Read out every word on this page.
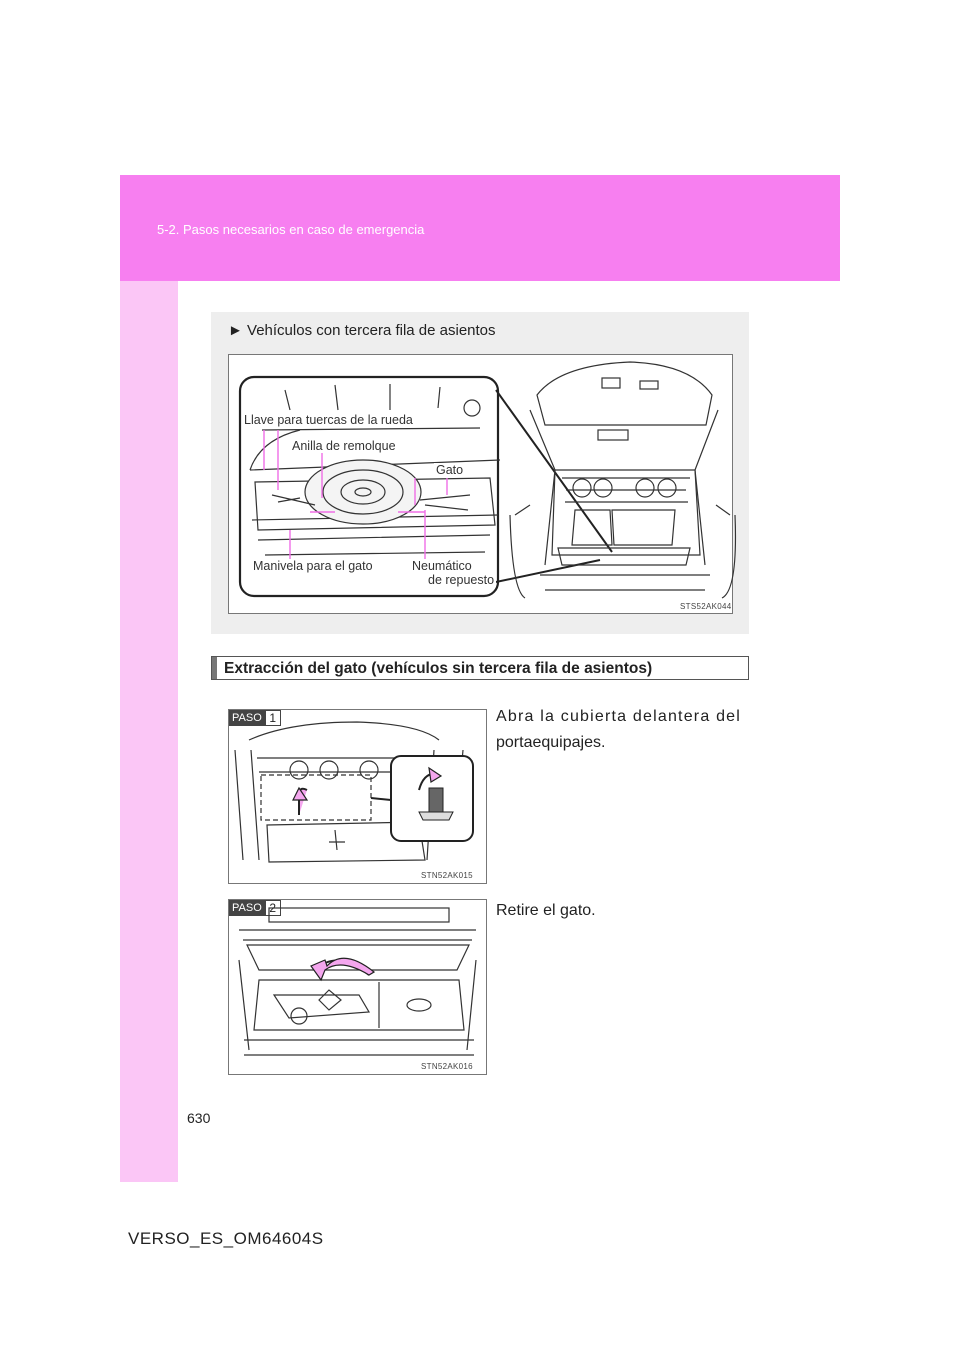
5-2. Pasos necesarios en caso de emergencia
► Vehículos con tercera fila de asientos
Llave para tuercas de la rueda
Anilla de remolque
Gato
Manivela para el gato	Neumático
de repuesto
STS52AK044
Extracción del gato (vehículos sin tercera fila de asientos)
PASO 1
STN52AK015
Abra la cubierta delantera del
portaequipajes.
PASO 2
STN52AK016
Retire el gato.
630
VERSO_ES_OM64604S
